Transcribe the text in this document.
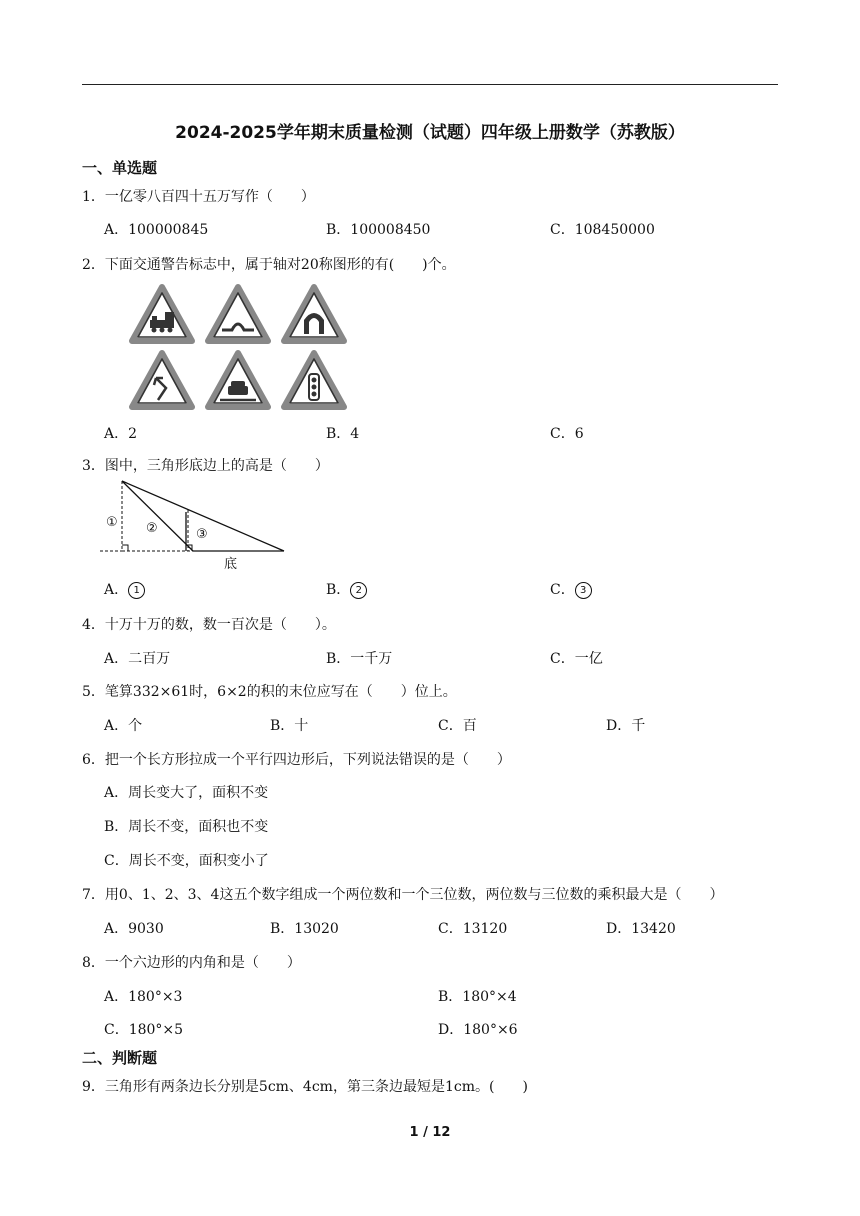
2024-2025学年期末质量检测（试题）四年级上册数学（苏教版）
一、单选题
1．一亿零八百四十五万写作（　　）
A．100000845	B．100008450	C．108450000
2．下面交通警告标志中，属于轴对20称图形的有(　　)个。
A．2	B．4	C．6
3．图中，三角形底边上的高是（　　）
① ②	③
底
A． 1	B． 2	C． 3
4．十万十万的数，数一百次是（　　）。
A．二百万	B．一千万	C．一亿
5．笔算332×61时，6×2的积的末位应写在（　　）位上。
A．个	B．十	C．百	D．千
6．把一个长方形拉成一个平行四边形后，下列说法错误的是（　　）
A．周长变大了，面积不变
B．周长不变，面积也不变
C．周长不变，面积变小了
7．用0、1、2、3、4这五个数字组成一个两位数和一个三位数，两位数与三位数的乘积最大是（　　）
A．9030	B．13020	C．13120	D．13420
8．一个六边形的内角和是（　　）
A．180°×3	B．180°×4
C．180°×5	D．180°×6
二、判断题
9．三角形有两条边长分别是5cm、4cm，第三条边最短是1cm。(　　)
1 / 12
